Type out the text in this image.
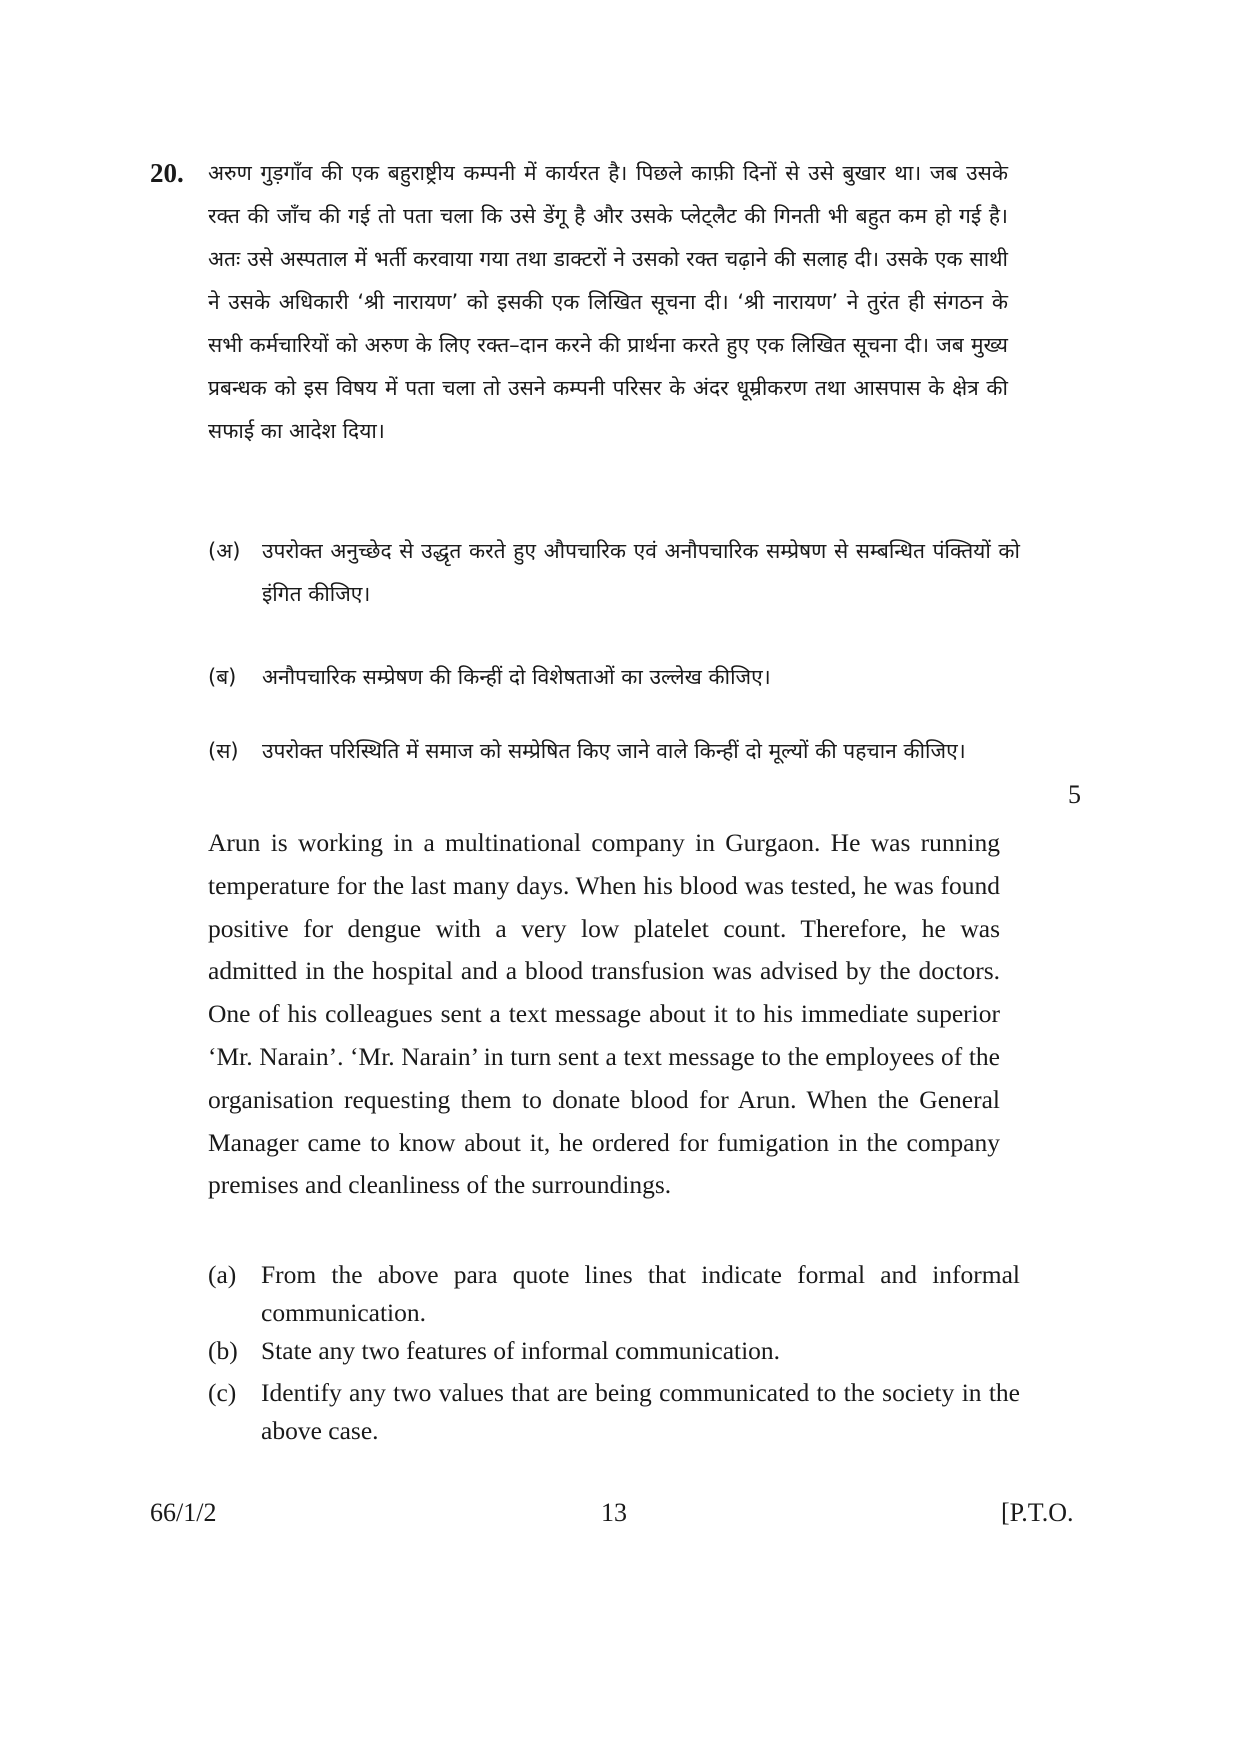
20. अरुण गुड़गाँव की एक बहुराष्ट्रीय कम्पनी में कार्यरत है। पिछले काफ़ी दिनों से उसे बुखार था। जब उसके रक्त की जाँच की गई तो पता चला कि उसे डेंगू है और उसके प्लेट्लैट की गिनती भी बहुत कम हो गई है। अतः उसे अस्पताल में भर्ती करवाया गया तथा डाक्टरों ने उसको रक्त चढ़ाने की सलाह दी। उसके एक साथी ने उसके अधिकारी ‘श्री नारायण’ को इसकी एक लिखित सूचना दी। ‘श्री नारायण’ ने तुरंत ही संगठन के सभी कर्मचारियों को अरुण के लिए रक्त–दान करने की प्रार्थना करते हुए एक लिखित सूचना दी। जब मुख्य प्रबन्धक को इस विषय में पता चला तो उसने कम्पनी परिसर के अंदर धूम्रीकरण तथा आसपास के क्षेत्र की सफाई का आदेश दिया।
(अ) उपरोक्त अनुच्छेद से उद्धृत करते हुए औपचारिक एवं अनौपचारिक सम्प्रेषण से सम्बन्धित पंक्तियों को इंगित कीजिए।
(ब) अनौपचारिक सम्प्रेषण की किन्हीं दो विशेषताओं का उल्लेख कीजिए।
(स) उपरोक्त परिस्थिति में समाज को सम्प्रेषित किए जाने वाले किन्हीं दो मूल्यों की पहचान कीजिए।
5
Arun is working in a multinational company in Gurgaon. He was running temperature for the last many days. When his blood was tested, he was found positive for dengue with a very low platelet count. Therefore, he was admitted in the hospital and a blood transfusion was advised by the doctors. One of his colleagues sent a text message about it to his immediate superior ‘Mr. Narain’. ‘Mr. Narain’ in turn sent a text message to the employees of the organisation requesting them to donate blood for Arun. When the General Manager came to know about it, he ordered for fumigation in the company premises and cleanliness of the surroundings.
(a) From the above para quote lines that indicate formal and informal communication.
(b) State any two features of informal communication.
(c) Identify any two values that are being communicated to the society in the above case.
66/1/2	13	[P.T.O.
